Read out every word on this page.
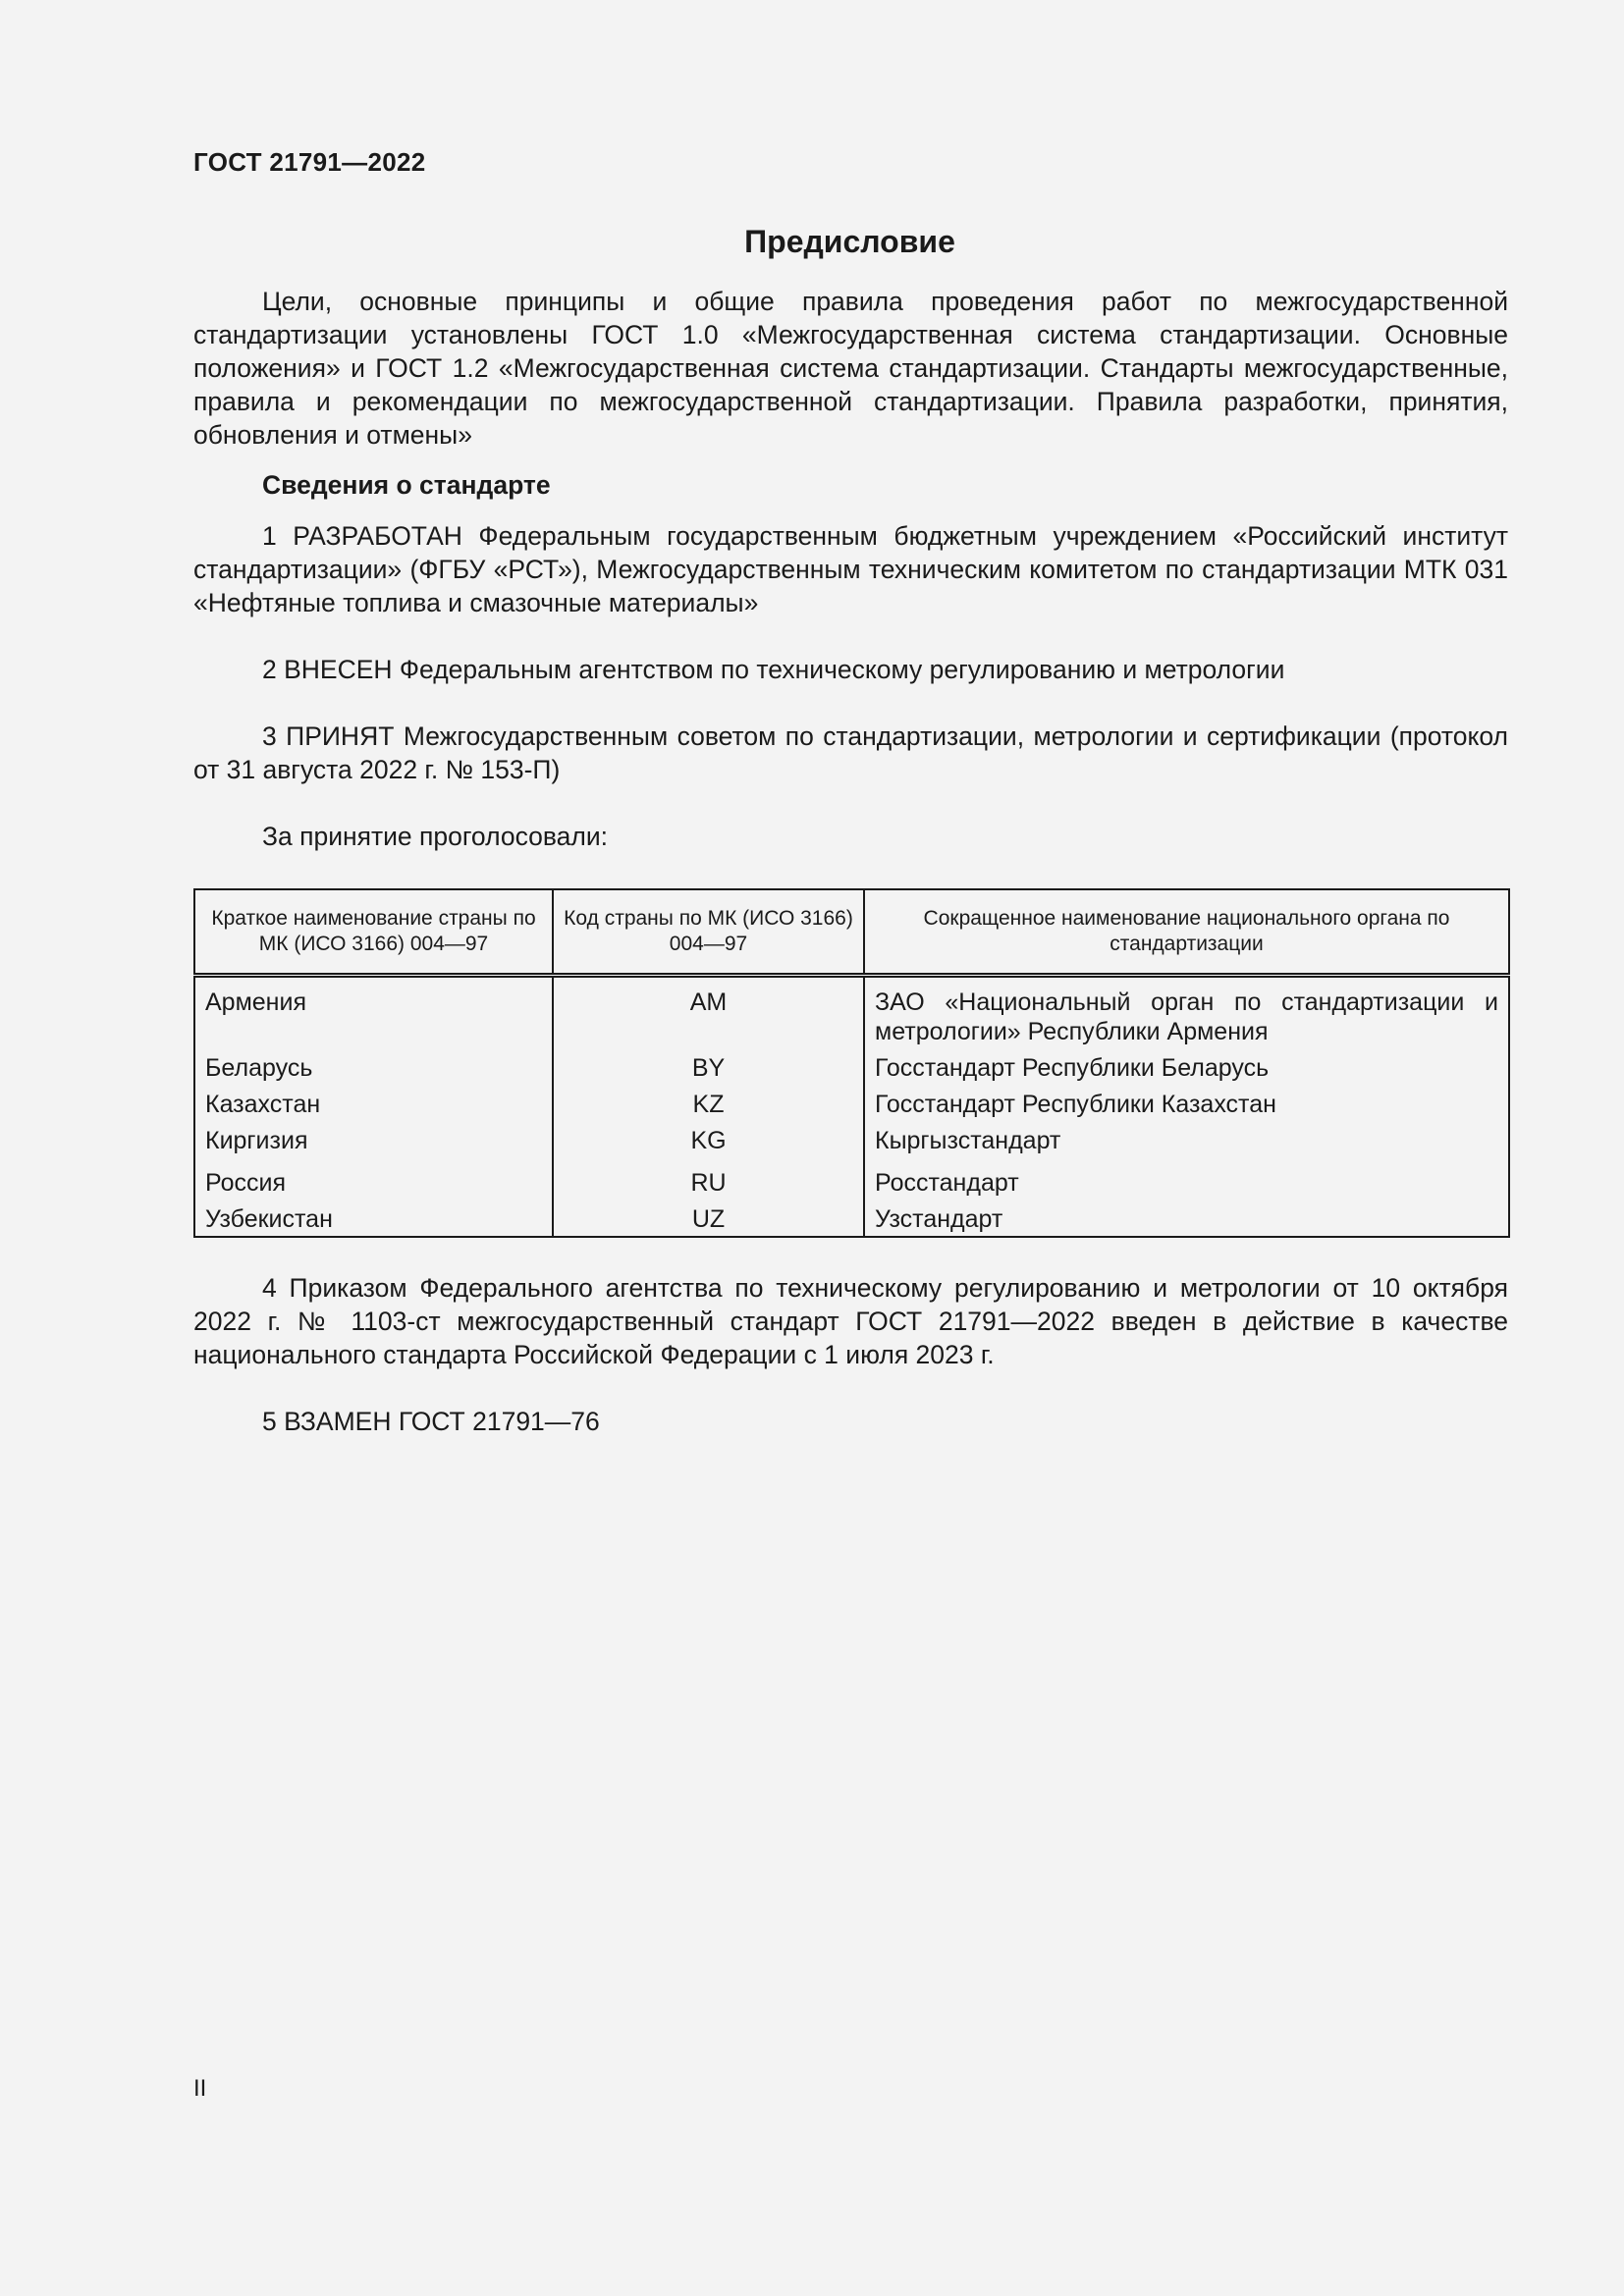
ГОСТ 21791—2022
Предисловие

Цели, основные принципы и общие правила проведения работ по межгосударственной стандартизации установлены ГОСТ 1.0 «Межгосударственная система стандартизации. Основные положения» и ГОСТ 1.2 «Межгосударственная система стандартизации. Стандарты межгосударственные, правила и рекомендации по межгосударственной стандартизации. Правила разработки, принятия, обновления и отмены»

Сведения о стандарте

1 РАЗРАБОТАН Федеральным государственным бюджетным учреждением «Российский институт стандартизации» (ФГБУ «РСТ»), Межгосударственным техническим комитетом по стандартизации МТК 031 «Нефтяные топлива и смазочные материалы»

2 ВНЕСЕН Федеральным агентством по техническому регулированию и метрологии

3 ПРИНЯТ Межгосударственным советом по стандартизации, метрологии и сертификации (протокол от 31 августа 2022 г. № 153-П)

За принятие проголосовали:

Краткое наименование страны по МК (ИСО 3166) 004—97	Код страны по МК (ИСО 3166) 004—97	Сокращенное наименование национального органа по стандартизации
Армения	AM	ЗАО «Национальный орган по стандартизации и метрологии» Республики Армения
Беларусь	BY	Госстандарт Республики Беларусь
Казахстан	KZ	Госстандарт Республики Казахстан
Киргизия	KG	Кыргызстандарт
Россия	RU	Росстандарт
Узбекистан	UZ	Узстандарт

4 Приказом Федерального агентства по техническому регулированию и метрологии от 10 октября 2022 г. № 1103-ст межгосударственный стандарт ГОСТ 21791—2022 введен в действие в качестве национального стандарта Российской Федерации с 1 июля 2023 г.

5 ВЗАМЕН ГОСТ 21791—76

II
